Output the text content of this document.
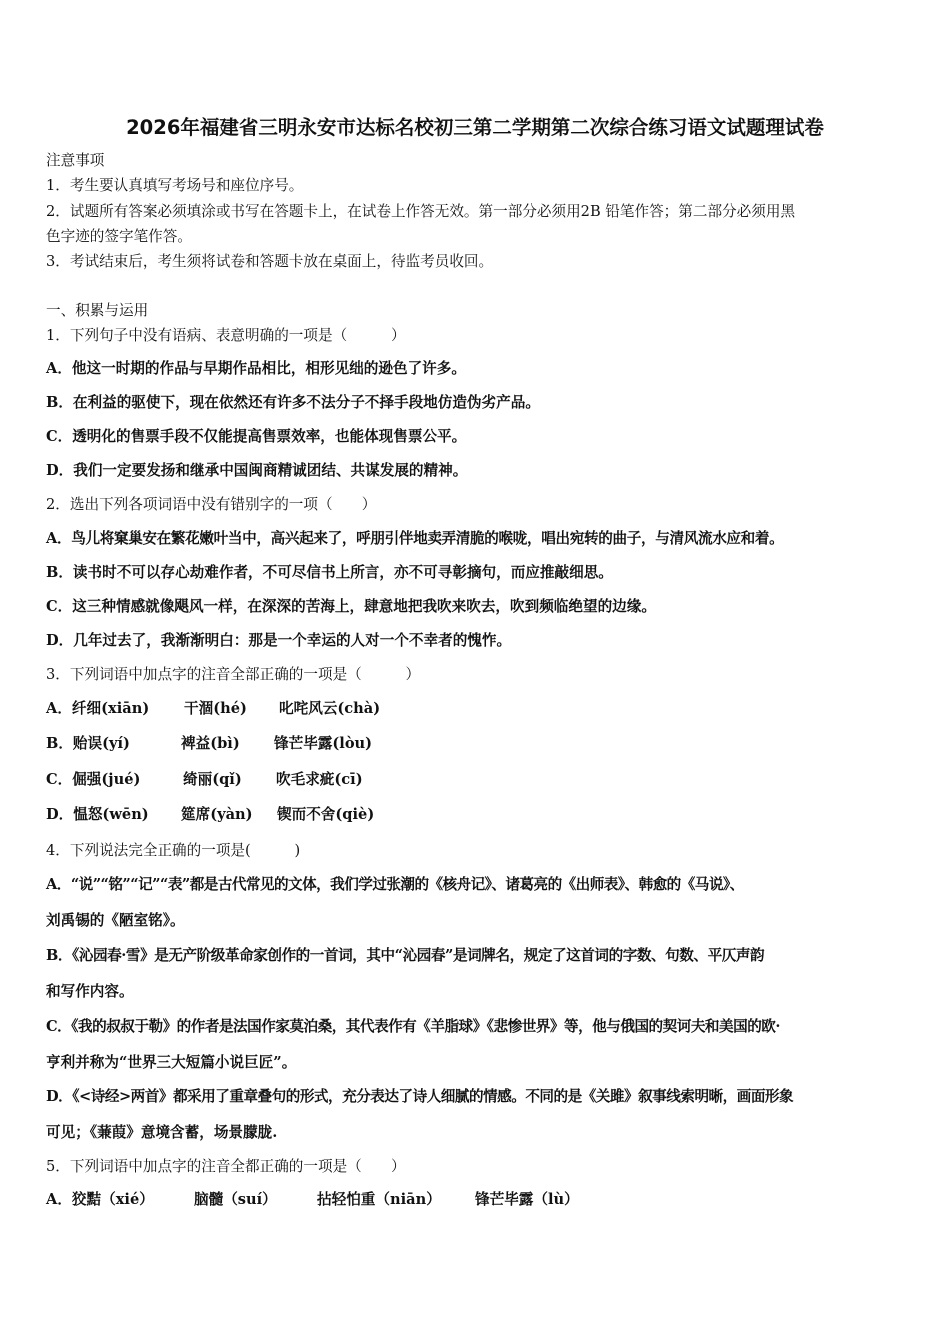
2026年福建省三明永安市达标名校初三第二学期第二次综合练习语文试题理试卷
注意事项
1．考生要认真填写考场号和座位序号。
2．试题所有答案必须填涂或书写在答题卡上，在试卷上作答无效。第一部分必须用2B 铅笔作答；第二部分必须用黑
色字迹的签字笔作答。
3．考试结束后，考生须将试卷和答题卡放在桌面上，待监考员收回。
一、积累与运用
1．下列句子中没有语病、表意明确的一项是（　　　）
A．他这一时期的作品与早期作品相比，相形见绌的逊色了许多。
B．在利益的驱使下，现在依然还有许多不法分子不择手段地仿造伪劣产品。
C．透明化的售票手段不仅能提高售票效率，也能体现售票公平。
D．我们一定要发扬和继承中国闽商精诚团结、共谋发展的精神。
2．选出下列各项词语中没有错别字的一项（　　）
A．鸟儿将窠巢安在繁花嫩叶当中，高兴起来了，呼朋引伴地卖弄清脆的喉咙，唱出宛转的曲子，与清风流水应和着。
B．读书时不可以存心劫难作者，不可尽信书上所言，亦不可寻彰摘句，而应推敲细思。
C．这三种情感就像飓风一样，在深深的苦海上，肆意地把我吹来吹去，吹到频临绝望的边缘。
D．几年过去了，我渐渐明白：那是一个幸运的人对一个不幸者的愧怍。
3．下列词语中加点字的注音全部正确的一项是（　　　）
A．纤细(xiān) 干涸(hé) 叱咤风云(chà)
B．贻误(yí)	裨益(bì) 锋芒毕露(lòu)
C．倔强(jué)	绮丽(qǐ) 吹毛求疵(cī)
D．愠怒(wēn) 筵席(yàn) 锲而不舍(qiè)
4．下列说法完全正确的一项是(　　　)
A．“说”“铭”“记”“表”都是古代常见的文体，我们学过张潮的《核舟记》、诸葛亮的《出师表》、韩愈的《马说》、
刘禹锡的《陋室铭》。
B．《沁园春·雪》是无产阶级革命家创作的一首词，其中“沁园春”是词牌名，规定了这首词的字数、句数、平仄声韵
和写作内容。
C．《我的叔叔于勒》的作者是法国作家莫泊桑，其代表作有《羊脂球》《悲惨世界》等，他与俄国的契诃夫和美国的欧·
亨利并称为“世界三大短篇小说巨匠”。
D．《<诗经>两首》都采用了重章叠句的形式，充分表达了诗人细腻的情感。不同的是《关雎》叙事线索明晰，画面形象
可见；《蒹葭》意境含蓄，场景朦胧.
5．下列词语中加点字的注音全都正确的一项是（　　）
A．狡黠（xié）	脑髓（suí）	拈轻怕重（niān） 锋芒毕露（lù）
